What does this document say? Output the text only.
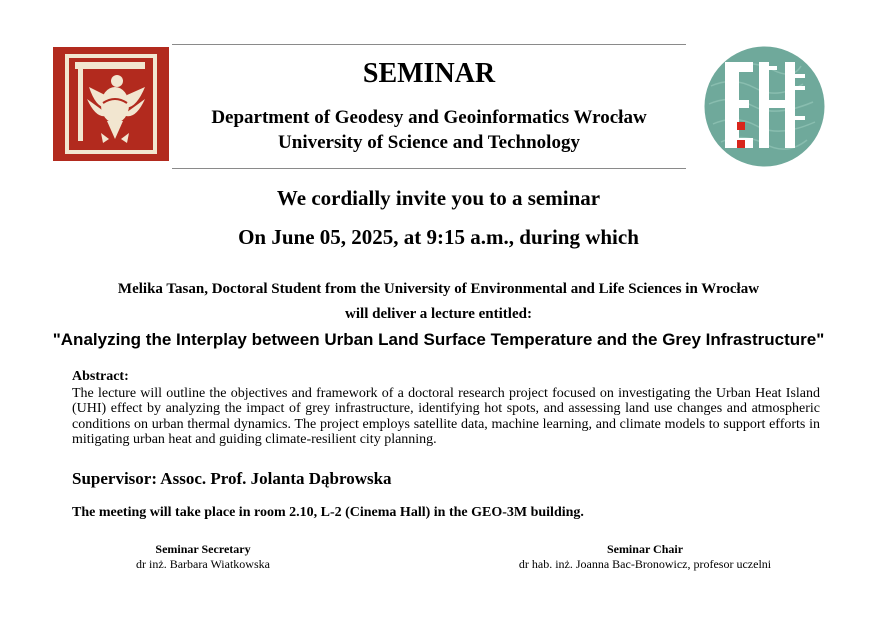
SEMINAR
Department of Geodesy and Geoinformatics Wrocław
University of Science and Technology
We cordially invite you to a seminar
On June 05, 2025, at 9:15 a.m., during which
Melika Tasan, Doctoral Student from the University of Environmental and Life Sciences in Wrocław
will deliver a lecture entitled:
"Analyzing the Interplay between Urban Land Surface Temperature and the Grey Infrastructure"
Abstract:
The lecture will outline the objectives and framework of a doctoral research project focused on investigating the Urban Heat Island (UHI) effect by analyzing the impact of grey infrastructure, identifying hot spots, and assessing land use changes and atmospheric conditions on urban thermal dynamics. The project employs satellite data, machine learning, and climate models to support efforts in mitigating urban heat and guiding climate-resilient city planning.
Supervisor: Assoc. Prof. Jolanta Dąbrowska
The meeting will take place in room 2.10, L-2 (Cinema Hall) in the GEO-3M building.
Seminar Secretary
dr inż. Barbara Wiatkowska
Seminar Chair
dr hab. inż. Joanna Bac-Bronowicz, profesor uczelni
